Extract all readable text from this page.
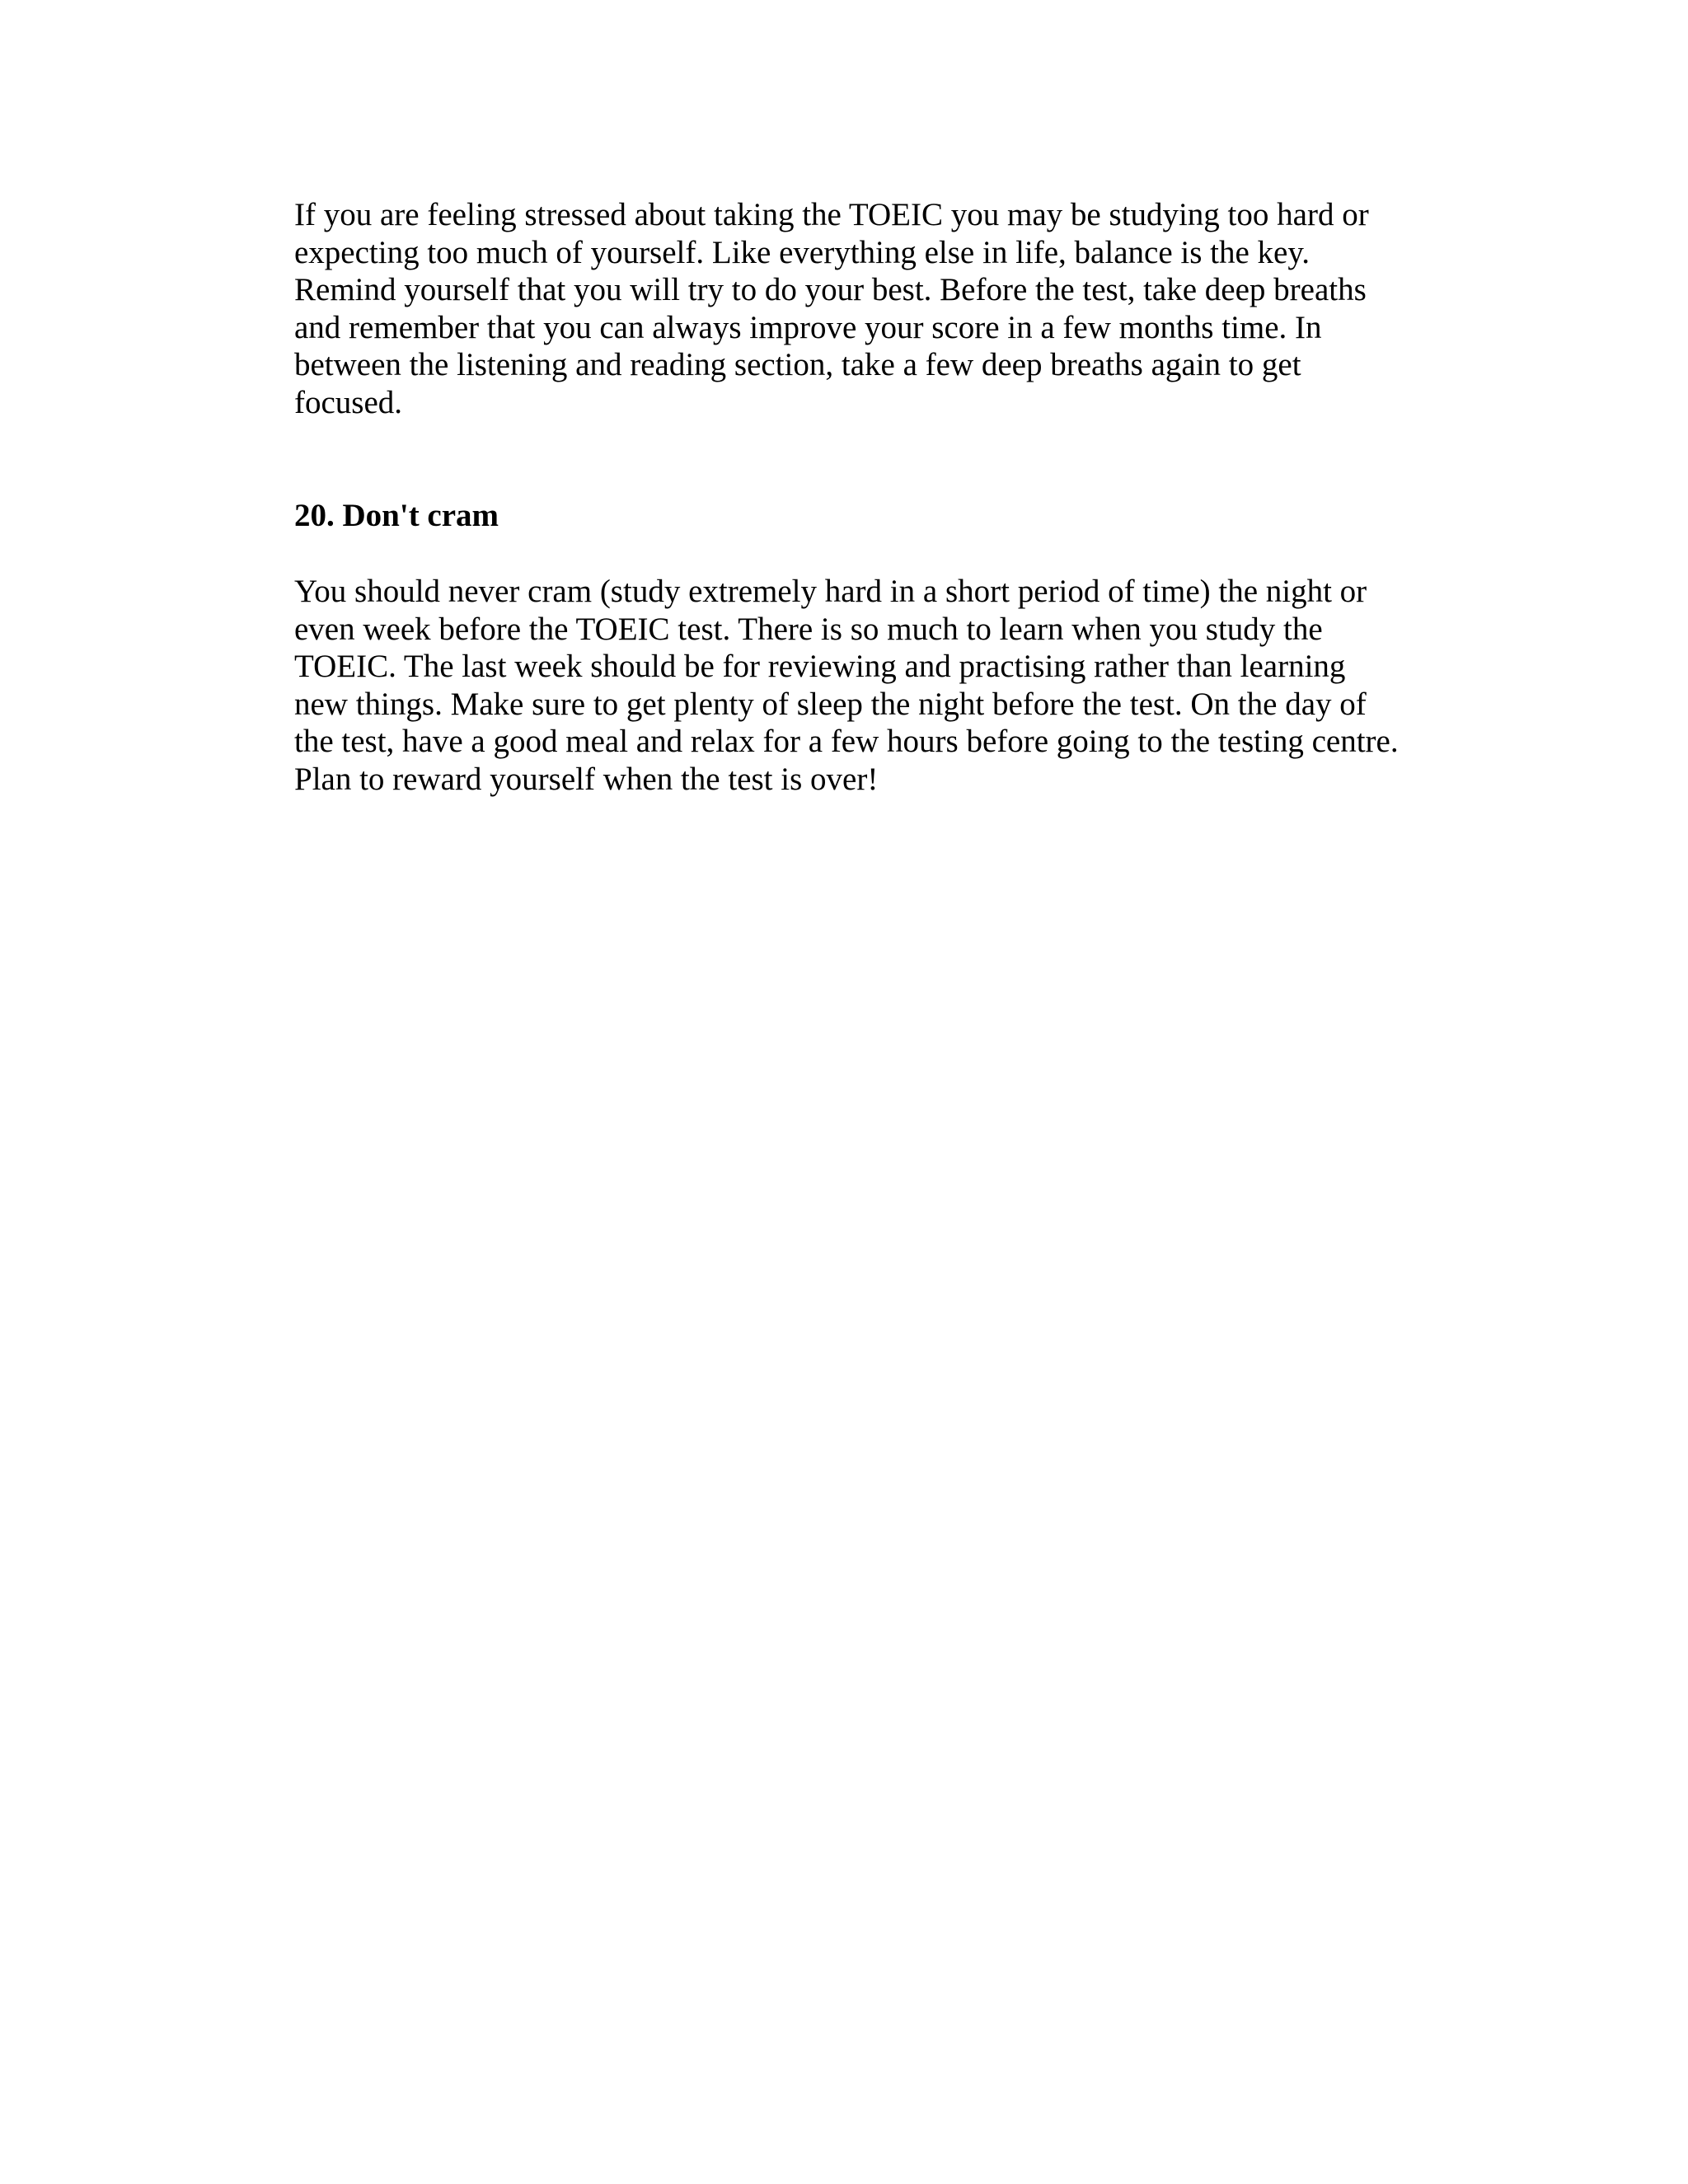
If you are feeling stressed about taking the TOEIC you may be studying too hard or
expecting too much of yourself. Like everything else in life, balance is the key.
Remind yourself that you will try to do your best. Before the test, take deep breaths
and remember that you can always improve your score in a few months time. In
between the listening and reading section, take a few deep breaths again to get
focused.

20. Don't cram

You should never cram (study extremely hard in a short period of time) the night or
even week before the TOEIC test. There is so much to learn when you study the
TOEIC. The last week should be for reviewing and practising rather than learning
new things. Make sure to get plenty of sleep the night before the test. On the day of
the test, have a good meal and relax for a few hours before going to the testing centre.
Plan to reward yourself when the test is over!
